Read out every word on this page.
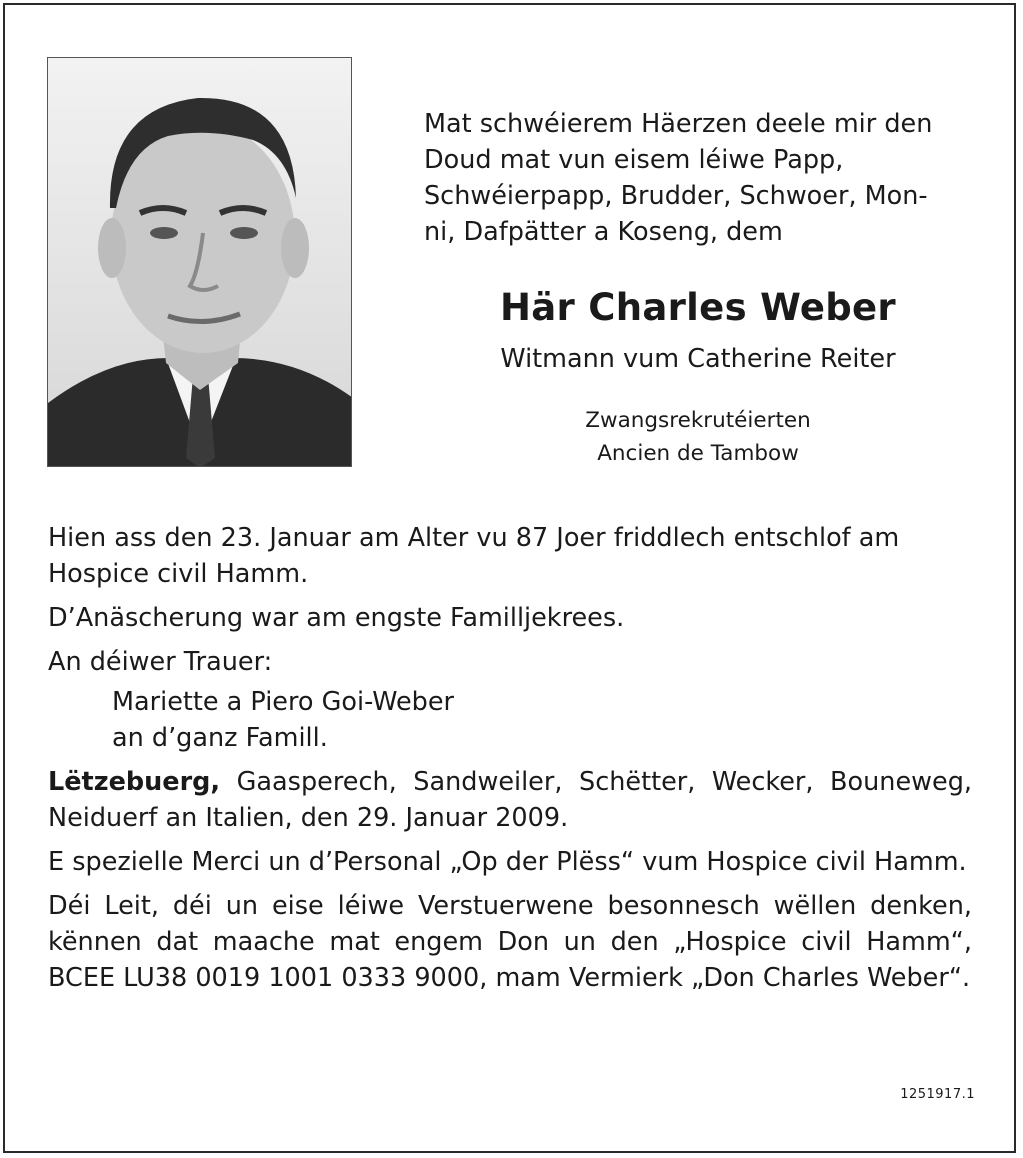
Mat schwéierem Häerzen deele mir den

Doud mat vun eisem léiwe Papp,

Schwéierpapp, Brudder, Schwoer, Mon-

ni, Dafpätter a Koseng, dem

Här Charles Weber
Witmann vum Catherine Reiter
Zwangsrekrutéierten
Ancien de Tambow

Hien ass den 23. Januar am Alter vu 87 Joer friddlech entschlof am Hospice civil Hamm.

D’Anäscherung war am engste Familljekrees.

An déiwer Trauer:

Mariette a Piero Goi-Weber
an d’ganz Famill.

Lëtzebuerg, Gaasperech, Sandweiler, Schëtter, Wecker, Bouneweg, Neiduerf an Italien, den 29. Januar 2009.

E spezielle Merci un d’Personal „Op der Plëss“ vum Hospice civil Hamm.

Déi Leit, déi un eise léiwe Verstuerwene besonnesch wëllen denken, kënnen dat maache mat engem Don un den „Hospice civil Hamm“, BCEE LU38 0019 1001 0333 9000, mam Vermierk „Don Charles Weber“.

1251917.1
